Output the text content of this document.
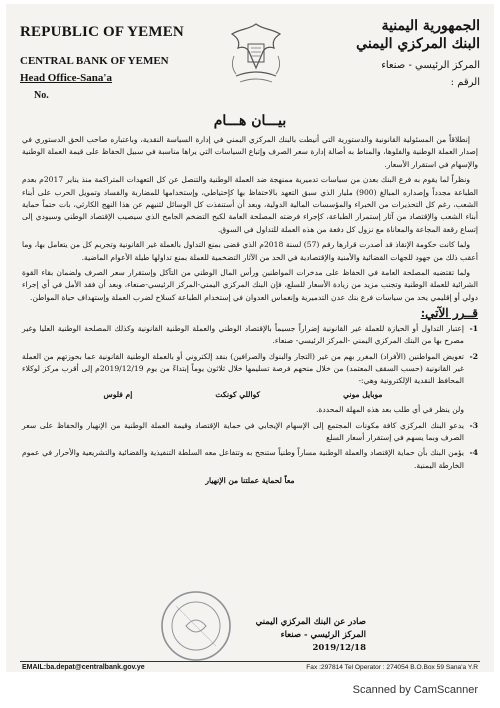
REPUBLIC OF YEMEN
CENTRAL BANK OF YEMEN
Head Office-Sana'a
No.
الجمهورية اليمنية
البنك المركزي اليمني
المركز الرئيسي - صنعاء
الرقم :
بيـــان هـــام

إنطلاقاً من المسئولية القانونية والدستورية التي أنيطت بالبنك المركزي اليمني في إدارة السياسة النقدية، وباعتباره صاحب الحق الدستوري في إصدار العملة الوطنية والفلوها، والمناط به أصالة إدارة سعر الصرف وإتباع السياسات التي يراها مناسبة في سبيل الحفاظ على قيمة العملة الوطنية والإسهام في استقرار الأسعار.

ونظراً لما يقوم به فرع البنك بعدن من سياسات تدميرية ممنهجة ضد العملة الوطنية والتنصل عن كل التعهدات المتراكمة منذ يناير 2017م بعدم الطباعة مجدداً وإصداره المبالغ (900) مليار الذي سبق التعهد بالاحتفاظ بها كإحتياطي، وإستخدامها للمضاربة والفساد وتمويل الحرب على أبناء الشعب، رغم كل التحذيرات من الخبراء والمؤسسات المالية الدولية، وبعد أن أستنفذت كل الوسائل لثنيهم عن هذا النهج الكارثي، بات حتماً حماية أبناء الشعب والإقتصاد من آثار إستمرار الطباعة، كإجراء فرضته المصلحة العامة لكبح التضخم الجامح الذي سيصيب الإقتصاد الوطني وسيودي إلى إتساع رقعة المجاعة والمعاناة مع نزول كل دفعة من هذه العملة للتداول في السوق.

ولما كانت حكومة الإنقاذ قد أصدرت قرارها رقم (57) لسنة 2018م الذي قضى بمنع التداول بالعملة غير القانونية وتجريم كل من يتعامل بها، وما أعقب ذلك من جهود للجهات القضائية والأمنية والإقتصادية في الحد من الآثار التضخمية للعملة بمنع تداولها طيلة الأعوام الماضية.

ولما تقتضيه المصلحة العامة في الحفاظ على مدخرات المواطنين ورأس المال الوطني من التآكل وإستقرار سعر الصرف ولضمان بقاء القوة الشرائية للعملة الوطنية وتجنب مزيد من زيادة الأسعار للسلع، فإن البنك المركزي اليمني-المركز الرئيسي-صنعاء، وبعد أن فقد الأمل في أي إجراء دولي أو إقليمي يحد من سياسات فرع بنك عدن التدميرية وإنغماس العدوان في إستخدام الطباعة كسلاح لضرب العملة وإستهداف حياة المواطن.

قــرر الآتي:
1-
إعتبار التداول أو الحيازة للعملة غير القانونية إضراراً جسيماً بالإقتصاد الوطني والعملة الوطنية القانونية وكذلك المصلحة الوطنية العليا وغير مصرح بها من البنك المركزي اليمني -المركز الرئيسي- صنعاء.
2-
تعويض المواطنين (الأفراد) المغرر بهم من غير (التجار والبنوك والصرافين) بنقد إلكتروني أو بالعملة الوطنية القانونية عما بحوزتهم من العملة غير القانونية (حسب السقف المعتمد) من خلال منحهم فرصة تسليمها خلال ثلاثون يوماً إبتداءً من يوم 2019/12/19م إلى أقرب مركز لوكلاء المحافظ النقدية الإلكترونية وهي:-
موبايل موني
كواللي كونكت
إم فلوس
ولن ينظر في أي طلب بعد هذه المهلة المحددة.
3-
يدعو البنك المركزي كافة مكونات المجتمع إلى الإسهام الإيجابي في حماية الإقتصاد وقيمة العملة الوطنية من الإنهيار والحفاظ على سعر الصرف وبما يسهم في إستقرار أسعار السلع
4-
يؤمن البنك بأن حماية الإقتصاد والعملة الوطنية مساراً وطنياً ستنجح به وتتفاعل معه السلطة التنفيذية والقضائية والتشريعية والأحرار في عموم الخارطة اليمنية.
معاً لحماية عملتنا من الإنهيار
صادر عن البنك المركزي اليمني
المركز الرئيسي - صنعاء
2019/12/18
EMAIL:ba.depat@centralbank.gov.ye	Fax :297814 Tel Operator : 274054 B.O.Box 59 Sana'a Y.R
Scanned by CamScanner
